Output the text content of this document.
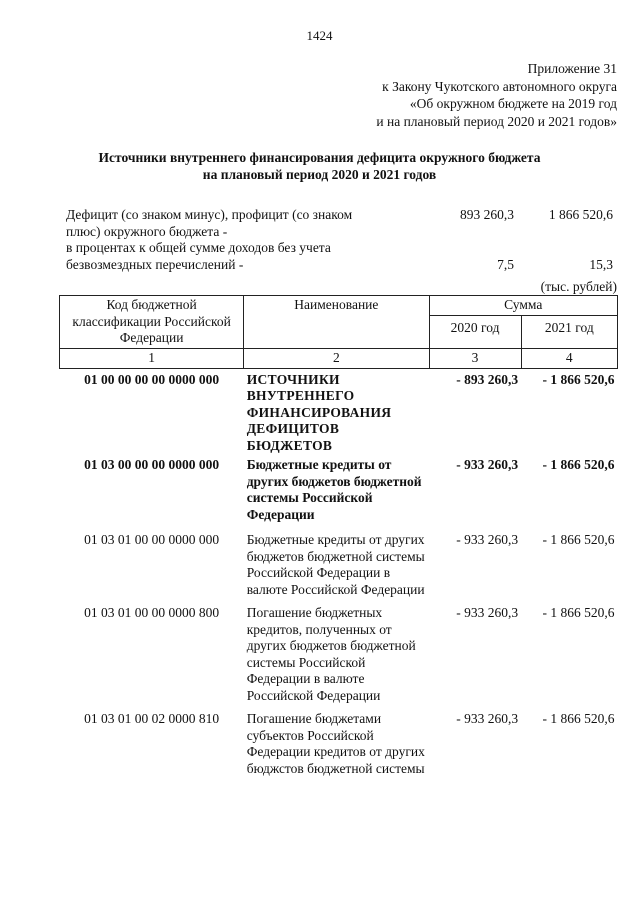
1424
Приложение 31
к Закону Чукотского автономного округа
«Об окружном бюджете на 2019 год
и на плановый период 2020 и 2021 годов»
Источники внутреннего финансирования дефицита окружного бюджета
на плановый период 2020 и 2021 годов
Дефицит (со знаком минус), профицит (со знаком
плюс) окружного бюджета -
893 260,3	1 866 520,6
в процентах к общей сумме доходов без учета
безвозмездных перечислений -	7,5	15,3
(тыс. рублей)
Код бюджетной классификации Российской Федерации	Наименование	Сумма	
		2020 год	2021 год
1	2	3	4
01 00 00 00 00 0000 000	ИСТОЧНИКИ ВНУТРЕННЕГО ФИНАНСИРОВАНИЯ ДЕФИЦИТОВ БЮДЖЕТОВ	- 893 260,3	- 1 866 520,6
01 03 00 00 00 0000 000	Бюджетные кредиты от других бюджетов бюджетной системы Российской Федерации	- 933 260,3	- 1 866 520,6
01 03 01 00 00 0000 000	Бюджетные кредиты от других бюджетов бюджетной системы Российской Федерации в валюте Российской Федерации	- 933 260,3	- 1 866 520,6
01 03 01 00 00 0000 800	Погашение бюджетных кредитов, полученных от других бюджетов бюджетной системы Российской Федерации в валюте Российской Федерации	- 933 260,3	- 1 866 520,6
01 03 01 00 02 0000 810	Погашение бюджетами субъектов Российской Федерации кредитов от других бюджстов бюджетной системы	- 933 260,3	- 1 866 520,6
